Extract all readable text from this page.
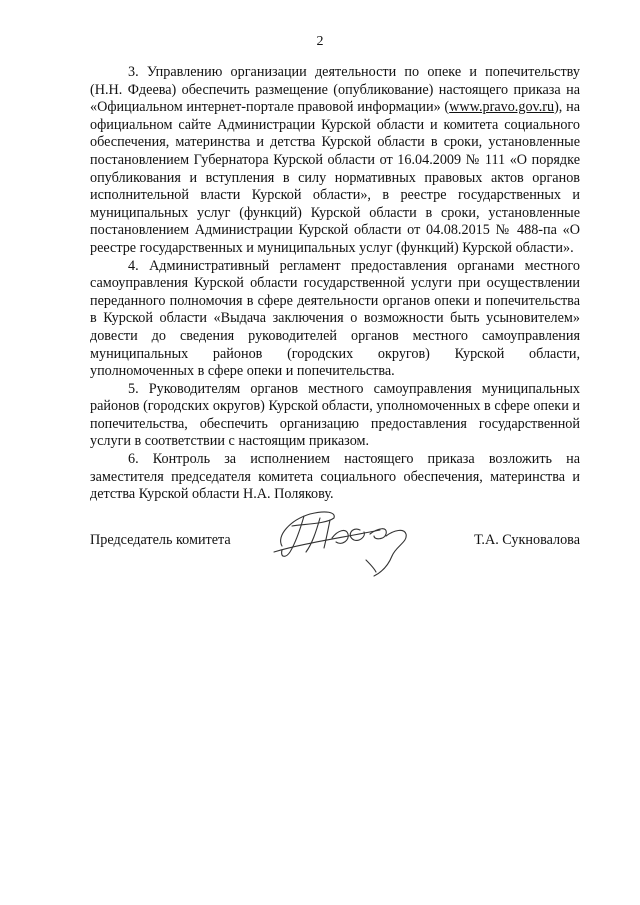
2

3. Управлению организации деятельности по опеке и попечительству (Н.Н. Фдеева) обеспечить размещение (опубликование) настоящего приказа на «Официальном интернет-портале правовой информации» (www.pravo.gov.ru), на официальном сайте Администрации Курской области и комитета социального обеспечения, материнства и детства Курской области в сроки, установленные постановлением Губернатора Курской области от 16.04.2009 № 111 «О порядке опубликования и вступления в силу нормативных правовых актов органов исполнительной власти Курской области», в реестре государственных и муниципальных услуг (функций) Курской области в сроки, установленные постановлением Администрации Курской области от 04.08.2015 № 488-па «О реестре государственных и муниципальных услуг (функций) Курской области».

4. Административный регламент предоставления органами местного самоуправления Курской области государственной услуги при осуществлении переданного полномочия в сфере деятельности органов опеки и попечительства в Курской области «Выдача заключения о возможности быть усыновителем» довести до сведения руководителей органов местного самоуправления муниципальных районов (городских округов) Курской области, уполномоченных в сфере опеки и попечительства.

5. Руководителям органов местного самоуправления муниципальных районов (городских округов) Курской области, уполномоченных в сфере опеки и попечительства, обеспечить организацию предоставления государственной услуги в соответствии с настоящим приказом.

6. Контроль за исполнением настоящего приказа возложить на заместителя председателя комитета социального обеспечения, материнства и детства Курской области Н.А. Полякову.

Председатель комитета	Т.А. Сукновалова
